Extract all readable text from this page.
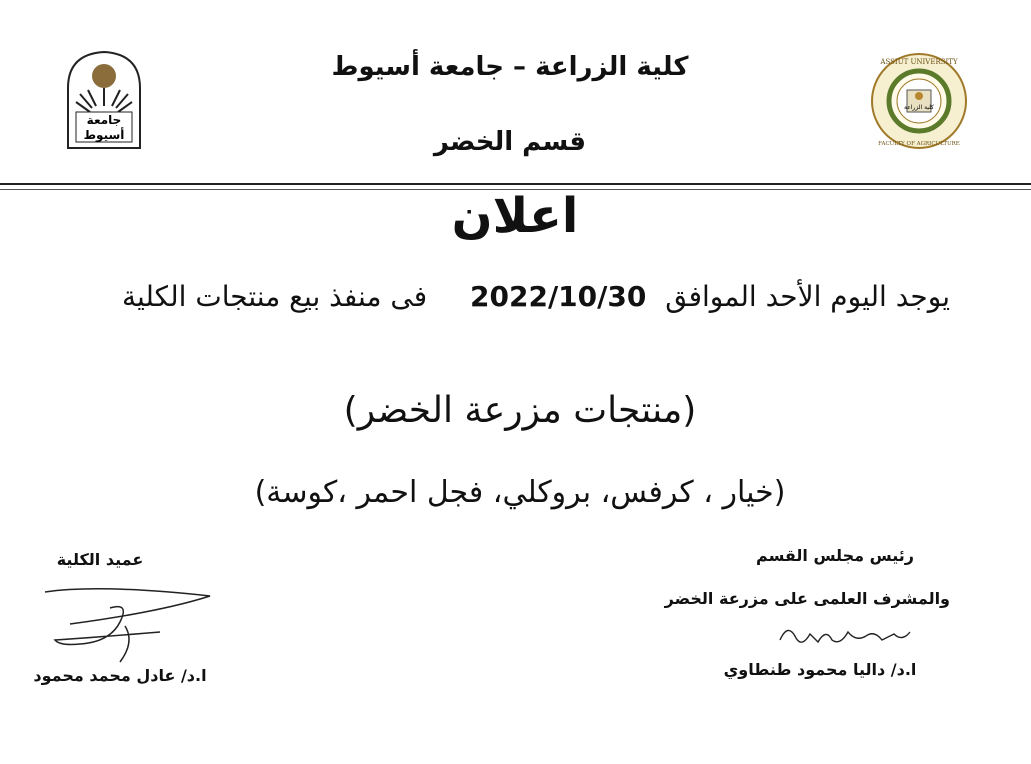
جامعة
أسيوط
كلية الزراعة
ASSIUT UNIVERSITY
FACULTY OF AGRICULTURE
كلية الزراعة – جامعة أسيوط
قسم الخضر
اعلان
يوجد اليوم الأحد الموافق 2022/10/30 فى منفذ بيع منتجات الكلية
(منتجات مزرعة الخضر)
(خيار ، كرفس، بروكلي، فجل احمر ،كوسة)
عميد الكلية
ا.د/ عادل محمد محمود
رئيس مجلس القسم
والمشرف العلمى على مزرعة الخضر
ا.د/ داليا محمود طنطاوي
